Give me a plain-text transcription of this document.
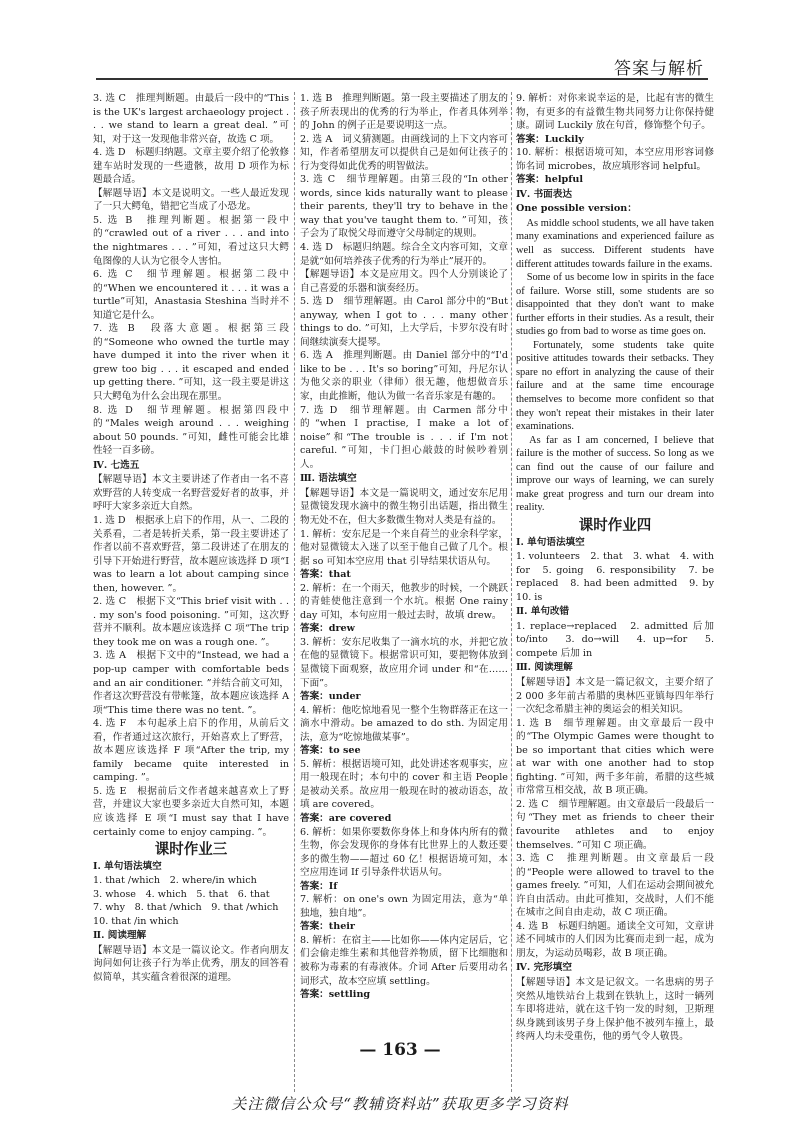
答案与解析

3. 选 C　推理判断题。由最后一段中的“This is the UK's largest archaeology project . . . we stand to learn a great deal. ”可知，对于这一发现他非常兴奋，故选 C 项。

4. 选 D　标题归纳题。文章主要介绍了伦敦修建车站时发现的一些遗骸，故用 D 项作为标题最合适。

【解题导语】本文是说明文。一些人最近发现了一只大鳄龟，错把它当成了小恐龙。

5. 选 B　推理判断题。根据第一段中的“crawled out of a river . . . and into the nightmares . . . ”可知，看过这只大鳄龟图像的人认为它很令人害怕。

6. 选 C　细节理解题。根据第二段中的“When we encountered it . . . it was a turtle”可知，Anastasia Steshina 当时并不知道它是什么。

7. 选 B　段落大意题。根据第三段的“Someone who owned the turtle may have dumped it into the river when it grew too big . . . it escaped and ended up getting there. ”可知，这一段主要是讲这只大鳄龟为什么会出现在那里。

8. 选 D　细节理解题。根据第四段中的“Males weigh around . . . weighing about 50 pounds. ”可知，雌性可能会比雄性轻一百多磅。

Ⅳ. 七选五

【解题导语】本文主要讲述了作者由一名不喜欢野营的人转变成一名野营爱好者的故事，并呼吁大家多亲近大自然。

1. 选 D　根据承上启下的作用，从一、二段的关系看，二者是转折关系，第一段主要讲述了作者以前不喜欢野营，第二段讲述了在朋友的引导下开始进行野营，故本题应该选择 D 项“I was to learn a lot about camping since then, however. ”。

2. 选 C　根据下文“This brief visit with . . . my son's food poisoning. ”可知，这次野营并不顺利。故本题应该选择 C 项“The trip they took me on was a rough one. ”。

3. 选 A　根据下文中的“Instead, we had a pop-up camper with comfortable beds and an air conditioner. ”并结合前文可知，作者这次野营没有带帐篷，故本题应该选择 A 项“This time there was no tent. ”。

4. 选 F　本句起承上启下的作用，从前后文看，作者通过这次旅行，开始喜欢上了野营，故本题应该选择 F 项“After the trip, my family became quite interested in camping. ”。

5. 选 E　根据前后文作者越来越喜欢上了野营，并建议大家也要多亲近大自然可知，本题应该选择 E 项“I must say that I have certainly come to enjoy camping. ”。

课时作业三

Ⅰ. 单句语法填空

1. that /which　2. where/in which

3. whose　4. which　5. that　6. that

7. why　8. that /which　9. that /which

10. that /in which

Ⅱ. 阅读理解

【解题导语】本文是一篇议论文。作者向朋友询问如何让孩子行为举止优秀，朋友的回答看似简单，其实蕴含着很深的道理。

1. 选 B　推理判断题。第一段主要描述了朋友的孩子所表现出的优秀的行为举止，作者具体列举的 John 的例子正是要说明这一点。

2. 选 A　词义猜测题。由画线词的上下文内容可知，作者希望朋友可以提供自己是如何让孩子的行为变得如此优秀的明智做法。

3. 选 C　细节理解题。由第三段的“In other words, since kids naturally want to please their parents, they'll try to behave in the way that you've taught them to. ”可知，孩子会为了取悦父母而遵守父母制定的规则。

4. 选 D　标题归纳题。综合全文内容可知，文章是就“如何培养孩子优秀的行为举止”展开的。

【解题导语】本文是应用文。四个人分别谈论了自己喜爱的乐器和演奏经历。

5. 选 D　细节理解题。由 Carol 部分中的“But anyway, when I got to . . . many other things to do. ”可知，上大学后，卡罗尔没有时间继续演奏大提琴。

6. 选 A　推理判断题。由 Daniel 部分中的“I'd like to be . . . It's so boring”可知，丹尼尔认为他父亲的职业（律师）很无趣，他想做音乐家，由此推断，他认为做一名音乐家是有趣的。

7. 选 D　细节理解题。由 Carmen 部分中的“when I practise, I make a lot of noise”和“The trouble is . . . if I'm not careful. ”可知，卡门担心敲鼓的时候吵着别人。

Ⅲ. 语法填空

【解题导语】本文是一篇说明文，通过安东尼用显微镜发现水滴中的微生物引出话题，指出微生物无处不在，但大多数微生物对人类是有益的。

1. 解析：安东尼是一个来自荷兰的业余科学家，他对显微镜太入迷了以至于他自己做了几个。根据 so 可知本空应用 that 引导结果状语从句。

答案：that

2. 解析：在一个雨天，他教步的时候，一个跳跃的青蛙使他注意到一个水坑。根据 One rainy day 可知，本句应用一般过去时，故填 drew。

答案：drew

3. 解析：安东尼收集了一滴水坑的水，并把它放在他的显微镜下。根据常识可知，要把物体放到显微镜下面观察，故应用介词 under 和“在……下面”。

答案：under

4. 解析：他吃惊地看见一整个生物群落正在这一滴水中滑动。be amazed to do sth. 为固定用法，意为“吃惊地做某事”。

答案：to see

5. 解析：根据语境可知，此处讲述客观事实，应用一般现在时；本句中的 cover 和主语 People 是被动关系。故应用一般现在时的被动语态，故填 are covered。

答案：are covered

6. 解析：如果你要数你身体上和身体内所有的微生物，你会发现你的身体有比世界上的人数还要多的微生物——超过 60 亿！根据语境可知，本空应用连词 If 引导条件状语从句。

答案：If

7. 解析：on one's own 为固定用法，意为“单独地，独自地”。

答案：their

8. 解析：在宿主——比如你——体内定居后，它们会偷走维生素和其他营养物质，留下比细胞和被称为毒素的有毒液体。介词 After 后要用动名词形式，故本空应填 settling。

答案：settling

9. 解析：对你来说幸运的是，比起有害的微生物，有更多的有益微生物共同努力让你保持健康。副词 Luckily 放在句首，修饰整个句子。

答案：Luckily

10. 解析：根据语境可知，本空应用形容词修饰名词 microbes，故应填形容词 helpful。

答案：helpful

Ⅳ. 书面表达

One possible version：

　As middle school students, we all have taken many examinations and experienced failure as well as success. Different students have different attitudes towards failure in the exams.

　Some of us become low in spirits in the face of failure. Worse still, some students are so disappointed that they don't want to make further efforts in their studies. As a result, their studies go from bad to worse as time goes on.

　Fortunately, some students take quite positive attitudes towards their setbacks. They spare no effort in analyzing the cause of their failure and at the same time encourage themselves to become more confident so that they won't repeat their mistakes in their later examinations.

　As far as I am concerned, I believe that failure is the mother of success. So long as we can find out the cause of our failure and improve our ways of learning, we can surely make great progress and turn our dream into reality.

课时作业四

Ⅰ. 单句语法填空

1. volunteers　2. that　3. what　4. with　for　5. going　6. responsibility　7. be replaced　8. had been admitted　9. by　10. is

Ⅱ. 单句改错

1. replace→replaced　2. admitted 后加 to/into　3. do→will　4. up→for　5. compete 后加 in

Ⅲ. 阅读理解

【解题导语】本文是一篇记叙文，主要介绍了 2 000 多年前古希腊的奥林匹亚镇每四年举行一次纪念希腊主神的奥运会的相关知识。

1. 选 B　细节理解题。由文章最后一段中的“The Olympic Games were thought to be so important that cities which were at war with one another had to stop fighting. ”可知，两千多年前，希腊的这些城市常常互相交战，故 B 项正确。

2. 选 C　细节理解题。由文章最后一段最后一句“They met as friends to cheer their favourite athletes and to enjoy themselves. ”可知 C 项正确。

3. 选 C　推理判断题。由文章最后一段的“People were allowed to travel to the games freely. ”可知，人们在运动会期间被允许自由活动。由此可推知，交战时，人们不能在城市之间自由走动，故 C 项正确。

4. 选 B　标题归纳题。通读全文可知，文章讲述不同城市的人们因为比赛而走到一起，成为朋友，为运动员喝彩，故 B 项正确。

Ⅳ. 完形填空

【解题导语】本文是记叙文。一名患病的男子突然从地铁站台上栽到在铁轨上，这时一辆列车即将进站，就在这千钧一发的时刻，卫斯理纵身跳到该男子身上保护他不被列车撞上，最终两人均未受重伤，他的勇气令人敬畏。

— 163 —
关注微信公众号“教辅资料站”获取更多学习资料
